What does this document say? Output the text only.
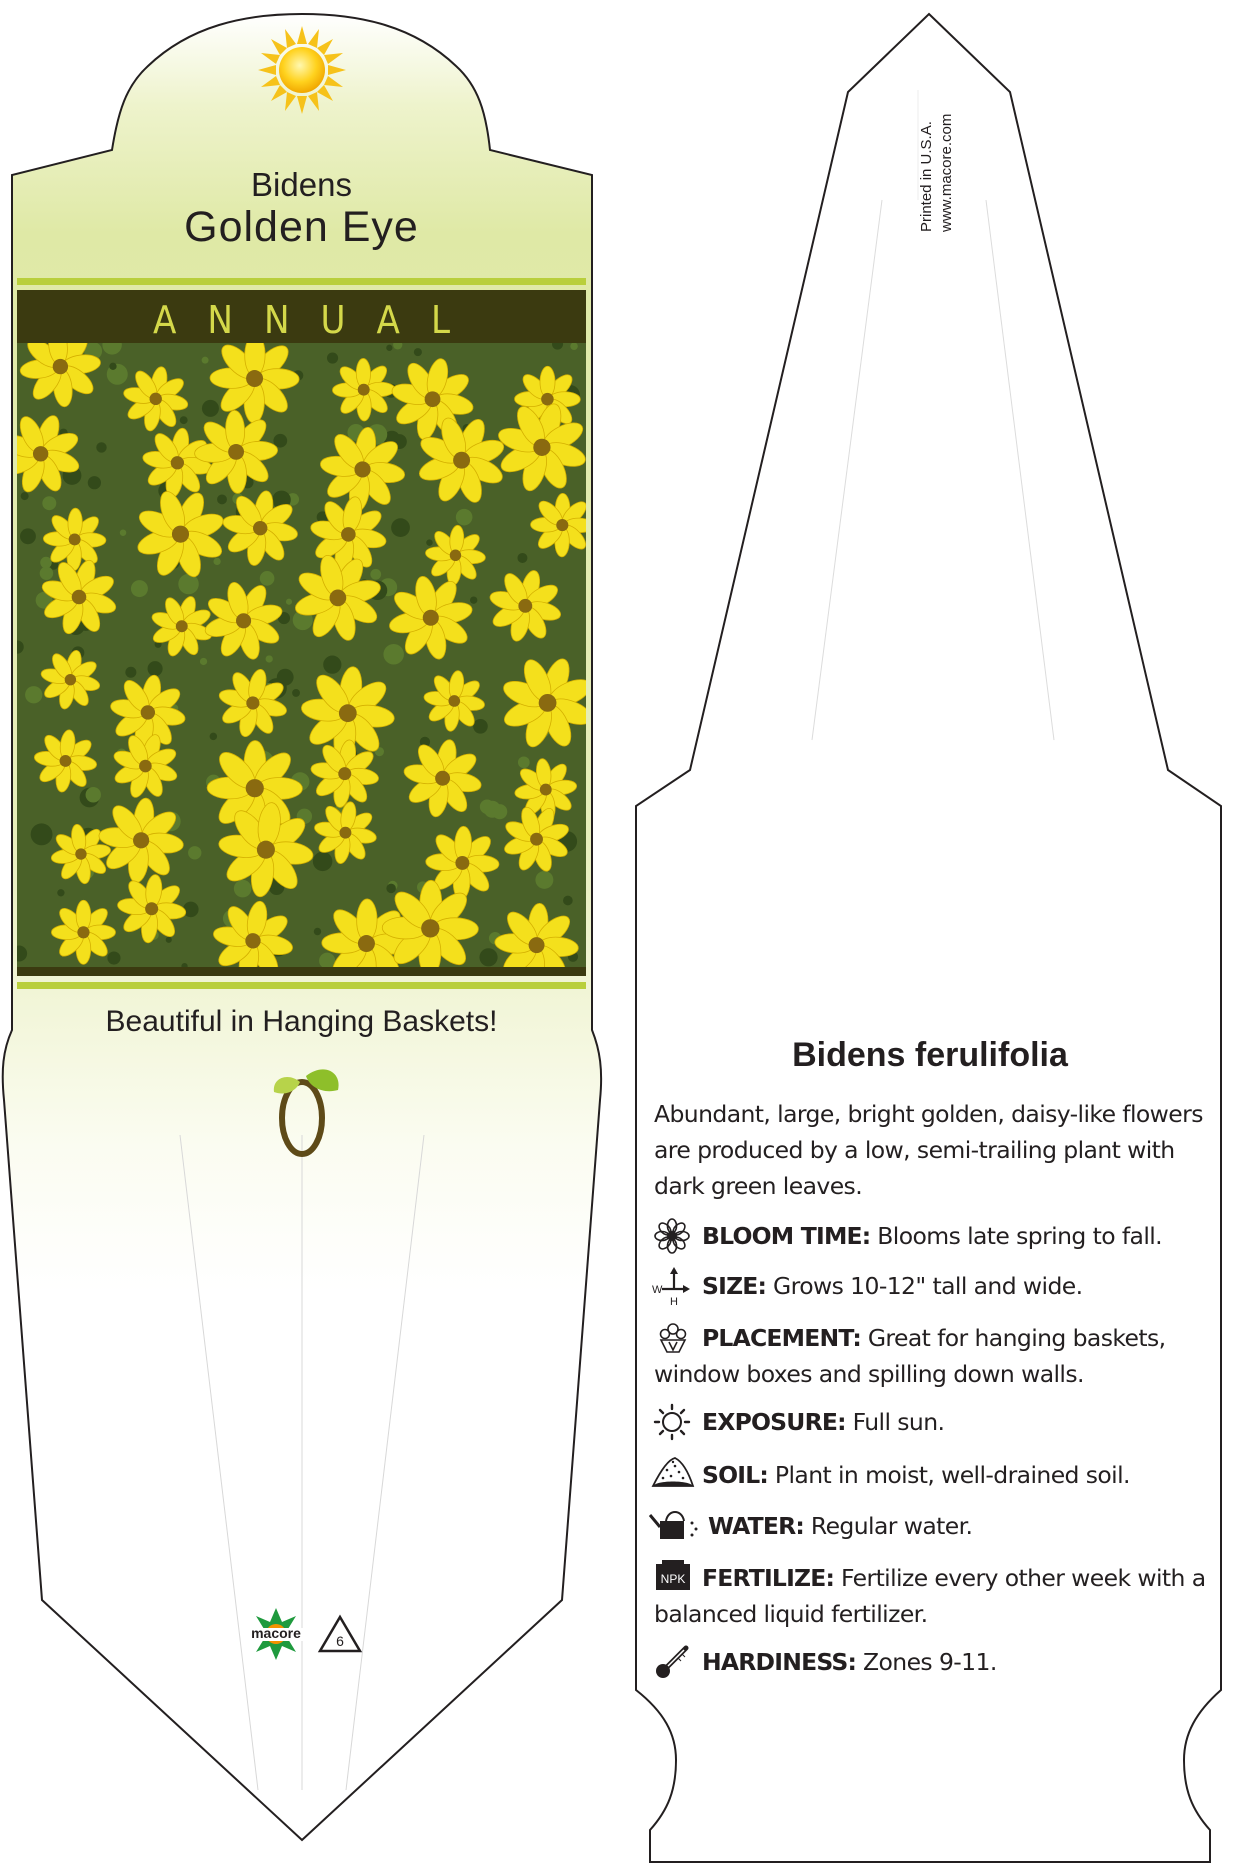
W
H
NPK
Bidens
Golden Eye
ANNUAL
Beautiful in Hanging Baskets!
macore	6
Printed in U.S.A. www.macore.com
Bidens ferulifolia
Abundant, large, bright golden, daisy-like flowers are produced by a low, semi-trailing plant with dark green leaves.
BLOOM TIME: Blooms late spring to fall.
SIZE: Grows 10-12" tall and wide.
PLACEMENT: Great for hanging baskets, window boxes and spilling down walls.
EXPOSURE: Full sun.
SOIL: Plant in moist, well-drained soil.
WATER: Regular water.
FERTILIZE: Fertilize every other week with a balanced liquid fertilizer.
HARDINESS: Zones 9-11.
